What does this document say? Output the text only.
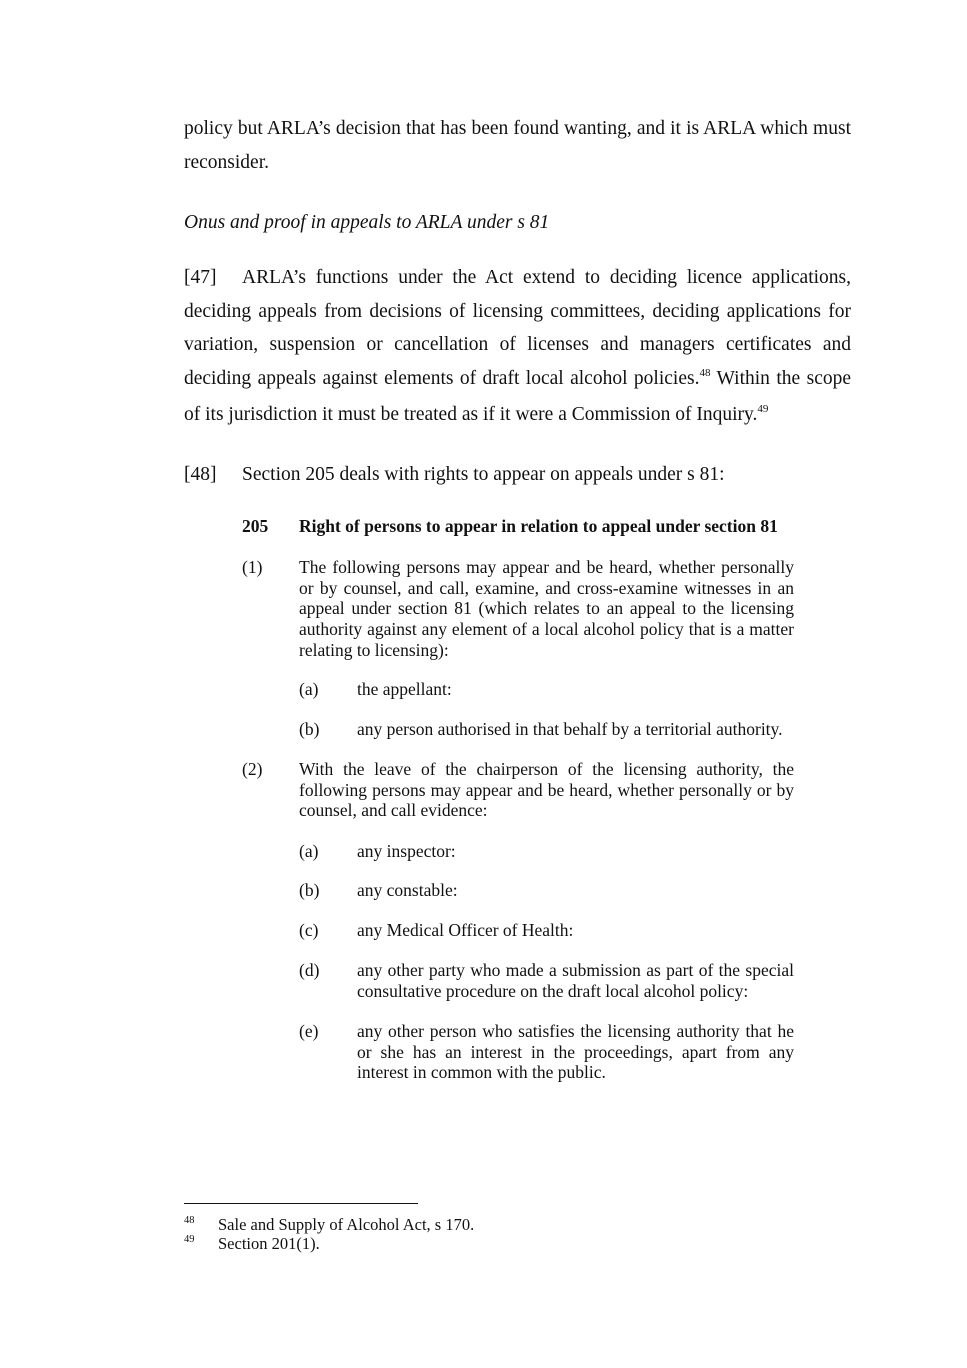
policy but ARLA’s decision that has been found wanting, and it is ARLA which must reconsider.

Onus and proof in appeals to ARLA under s 81

[47] ARLA’s functions under the Act extend to deciding licence applications, deciding appeals from decisions of licensing committees, deciding applications for variation, suspension or cancellation of licenses and managers certificates and deciding appeals against elements of draft local alcohol policies.$^{48}$ Within the scope of its jurisdiction it must be treated as if it were a Commission of Inquiry.$^{49}$

[48] Section 205 deals with rights to appear on appeals under s 81:

205 Right of persons to appear in relation to appeal under section 81
(1) The following persons may appear and be heard, whether personally or by counsel, and call, examine, and cross-examine witnesses in an appeal under section 81 (which relates to an appeal to the licensing authority against any element of a local alcohol policy that is a matter relating to licensing):
(a) the appellant:
(b) any person authorised in that behalf by a territorial authority.
(2) With the leave of the chairperson of the licensing authority, the following persons may appear and be heard, whether personally or by counsel, and call evidence:
(a) any inspector:
(b) any constable:
(c) any Medical Officer of Health:
(d) any other party who made a submission as part of the special consultative procedure on the draft local alcohol policy:
(e) any other person who satisfies the licensing authority that he or she has an interest in the proceedings, apart from any interest in common with the public.
48 Sale and Supply of Alcohol Act, s 170.
49 Section 201(1).
